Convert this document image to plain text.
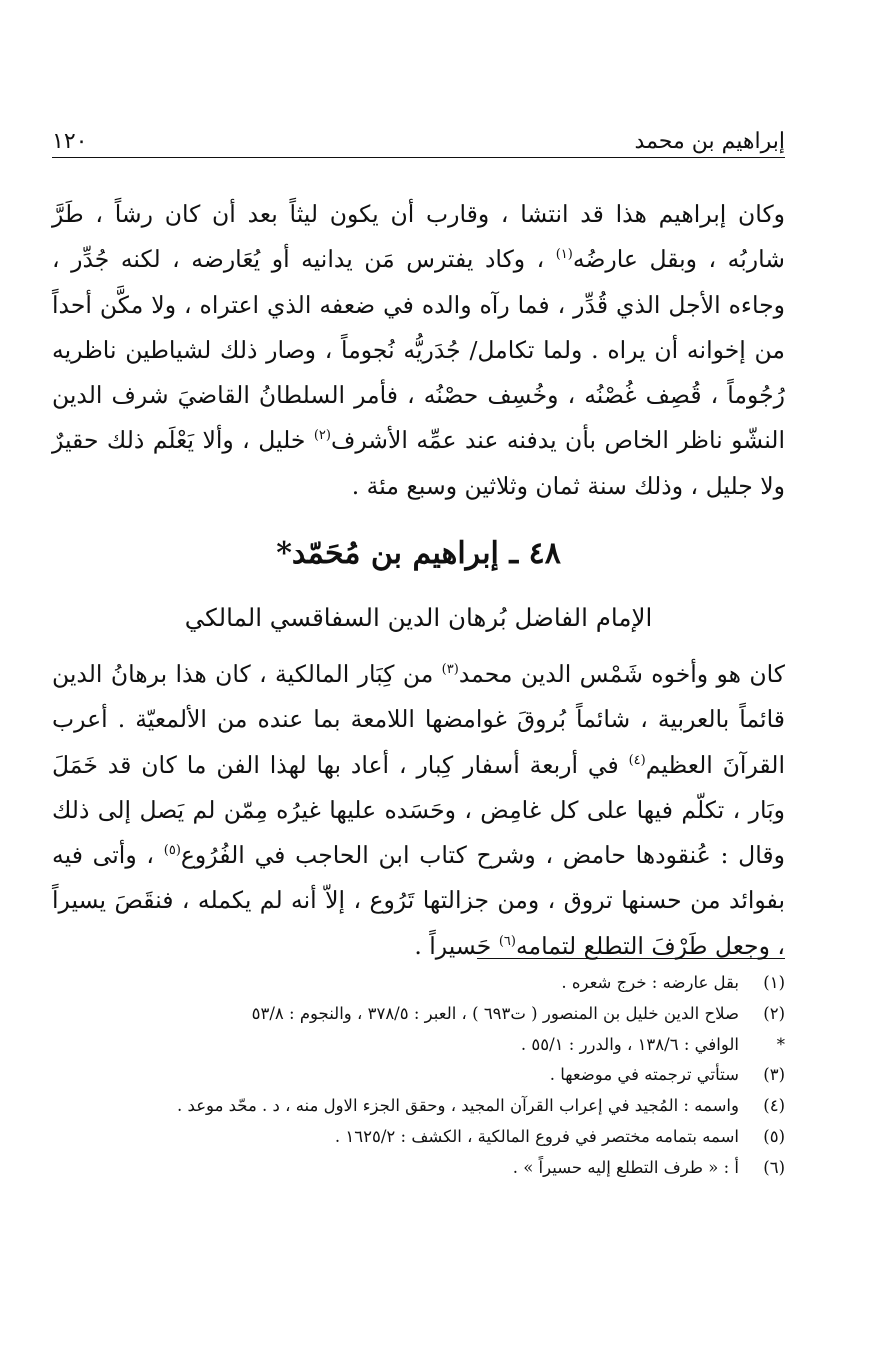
إبراهيم بن محمد
١٢٠

وكان إبراهيم هذا قد انتشا ، وقارب أن يكون ليثاً بعد أن كان رشاً ، طَرَّ شاربُه ، وبقل عارضُه$^{(١)}$ ، وكاد يفترس مَن يدانيه أو يُعَارضه ، لكنه جُدِّر ، وجاءه الأجل الذي قُدِّر ، فما رآه والده في ضعفه الذي اعتراه ، ولا مكَّن أحداً من إخوانه أن يراه . ولما تكامل/ جُدَريُّه نُجوماً ، وصار ذلك لشياطين ناظريه رُجُوماً ، قُصِف غُصْنُه ، وخُسِف حصْنُه ، فأمر السلطانُ القاضيَ شرف الدين النشّو ناظر الخاص بأن يدفنه عند عمِّه الأشرف$^{(٢)}$ خليل ، وألا يَعْلَم ذلك حقيرٌ ولا جليل ، وذلك سنة ثمان وثلاثين وسبع مئة .

٤٨ ـ إبراهيم بن مُحَمّد*
الإمام الفاضل بُرهان الدين السفاقسي المالكي

كان هو وأخوه شَمْس الدين محمد$^{(٣)}$ من كِبَار المالكية ، كان هذا برهانُ الدين قائماً بالعربية ، شائماً بُروقَ غوامضها اللامعة بما عنده من الألمعيّة . أعرب القرآنَ العظيم$^{(٤)}$ في أربعة أسفار كِبار ، أعاد بها لهذا الفن ما كان قد خَمَلَ وبَار ، تكلّم فيها على كل غامِض ، وحَسَده عليها غيرُه مِمّن لم يَصل إلى ذلك وقال : عُنقودها حامض ، وشرح كتاب ابن الحاجب في الفُرُوع$^{(٥)}$ ، وأتى فيه بفوائد من حسنها تروق ، ومن جزالتها تَرُوع ، إلاّ أنه لم يكمله ، فنقَصَ يسيراً ، وجعل طَرْفَ التطلع لتمامه$^{(٦)}$ حَسيراً .

(١)بقل عارضه : خرج شعره .
(٢)صلاح الدين خليل بن المنصور ( ت٦٩٣ ) ، العبر : ٣٧٨/٥ ، والنجوم : ٥٣/٨
*الوافي : ١٣٨/٦ ، والدرر : ٥٥/١ .
(٣)ستأتي ترجمته في موضعها .
(٤)واسمه : المُجيد في إعراب القرآن المجيد ، وحقق الجزء الاول منه ، د . محّد موعد .
(٥)اسمه بتمامه مختصر في فروع المالكية ، الكشف : ١٦٢٥/٢ .
(٦)أ : « طرف التطلع إليه حسيراً » .
